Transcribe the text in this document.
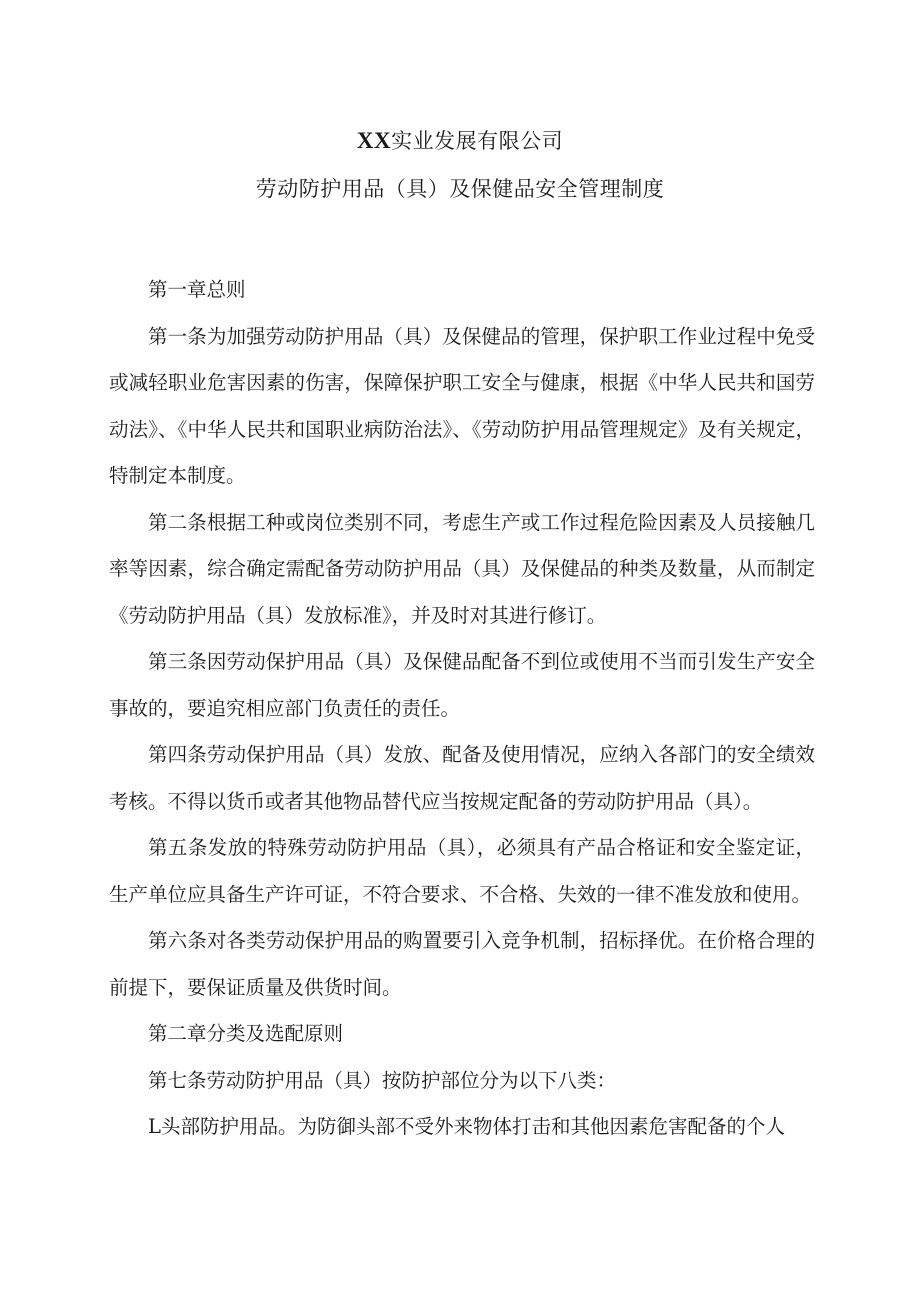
XX实业发展有限公司
劳动防护用品（具）及保健品安全管理制度

第一章总则

第一条为加强劳动防护用品（具）及保健品的管理，保护职工作业过程中免受或减轻职业危害因素的伤害，保障保护职工安全与健康，根据《中华人民共和国劳动法》、《中华人民共和国职业病防治法》、《劳动防护用品管理规定》及有关规定，特制定本制度。

第二条根据工种或岗位类别不同，考虑生产或工作过程危险因素及人员接触几率等因素，综合确定需配备劳动防护用品（具）及保健品的种类及数量，从而制定《劳动防护用品（具）发放标准》，并及时对其进行修订。

第三条因劳动保护用品（具）及保健品配备不到位或使用不当而引发生产安全事故的，要追究相应部门负责任的责任。

第四条劳动保护用品（具）发放、配备及使用情况，应纳入各部门的安全绩效考核。不得以货币或者其他物品替代应当按规定配备的劳动防护用品（具）。

第五条发放的特殊劳动防护用品（具），必须具有产品合格证和安全鉴定证，生产单位应具备生产许可证，不符合要求、不合格、失效的一律不准发放和使用。

第六条对各类劳动保护用品的购置要引入竞争机制，招标择优。在价格合理的前提下，要保证质量及供货时间。

第二章分类及选配原则

第七条劳动防护用品（具）按防护部位分为以下八类：

L头部防护用品。为防御头部不受外来物体打击和其他因素危害配备的个人
